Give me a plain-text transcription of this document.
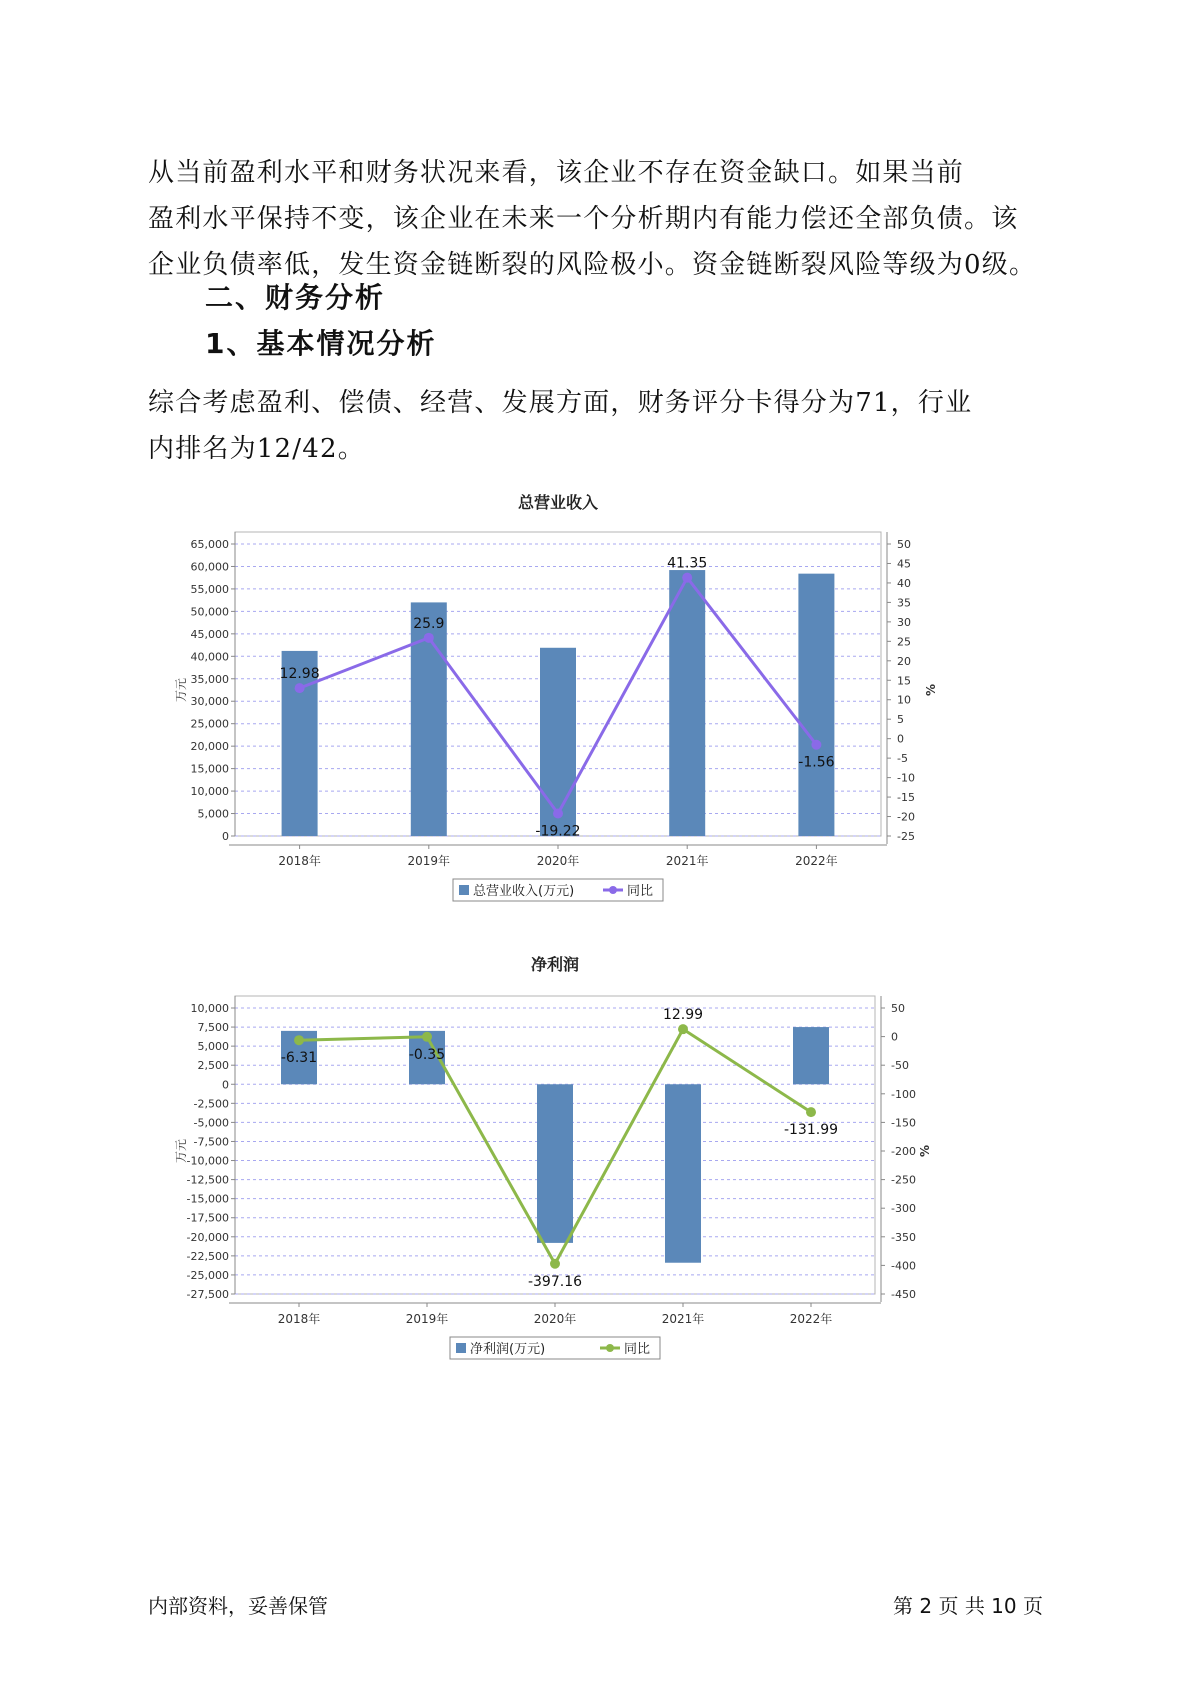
从当前盈利水平和财务状况来看，该企业不存在资金缺口。如果当前
盈利水平保持不变，该企业在未来一个分析期内有能力偿还全部负债。该
企业负债率低，发生资金链断裂的风险极小。资金链断裂风险等级为0级。

二、财务分析
1、基本情况分析

综合考虑盈利、偿债、经营、发展方面，财务评分卡得分为71，行业
内排名为12/42。

总营业收入
0
5,000
10,000
15,000
20,000
25,000
30,000
35,000
40,000
45,000
50,000
55,000
60,000
65,000
-25
-20
-15
-10
-5
0
5
10
15
20
25
30
35
40
45
50
万元	%
2018年	2019年	2020年	2021年	2022年
12.98
25.9
-19.22
41.35
-1.56
总营业收入(万元)	同比
净利润
-27,500
-25,000
-22,500
-20,000
-17,500
-15,000
-12,500
-10,000
-7,500
-5,000
-2,500
0
2,500
5,000
7,500
10,000
-450
-400
-350
-300
-250
-200
-150
-100
-50
0
50
万元	%
2018年	2019年	2020年	2021年	2022年
-6.31	-0.35
-397.16
12.99
-131.99
净利润(万元)	同比
内部资料，妥善保管	第 2 页 共 10 页
